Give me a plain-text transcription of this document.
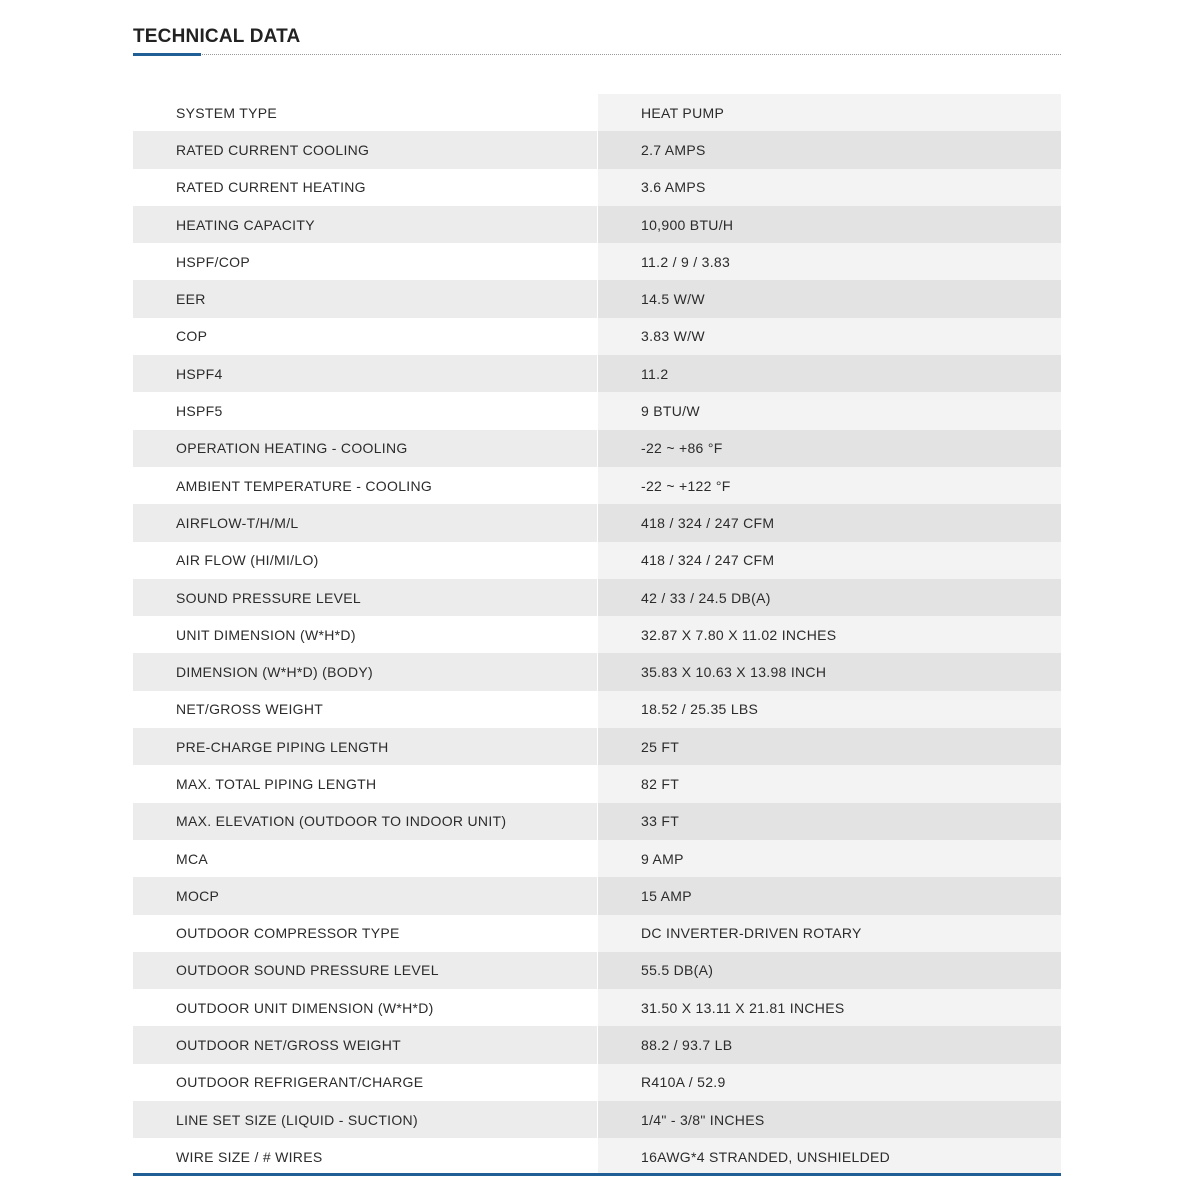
TECHNICAL DATA
SYSTEM TYPE	HEAT PUMP
RATED CURRENT COOLING	2.7 AMPS
RATED CURRENT HEATING	3.6 AMPS
HEATING CAPACITY	10,900 BTU/H
HSPF/COP	11.2 / 9 / 3.83
EER	14.5 W/W
COP	3.83 W/W
HSPF4	11.2
HSPF5	9 BTU/W
OPERATION HEATING - COOLING	-22 ~ +86 °F
AMBIENT TEMPERATURE - COOLING	-22 ~ +122 °F
AIRFLOW-T/H/M/L	418 / 324 / 247 CFM
AIR FLOW (HI/MI/LO)	418 / 324 / 247 CFM
SOUND PRESSURE LEVEL	42 / 33 / 24.5 DB(A)
UNIT DIMENSION (W*H*D)	32.87 X 7.80 X 11.02 INCHES
DIMENSION (W*H*D) (BODY)	35.83 X 10.63 X 13.98 INCH
NET/GROSS WEIGHT	18.52 / 25.35 LBS
PRE-CHARGE PIPING LENGTH	25 FT
MAX. TOTAL PIPING LENGTH	82 FT
MAX. ELEVATION (OUTDOOR TO INDOOR UNIT)	33 FT
MCA	9 AMP
MOCP	15 AMP
OUTDOOR COMPRESSOR TYPE	DC INVERTER-DRIVEN ROTARY
OUTDOOR SOUND PRESSURE LEVEL	55.5 DB(A)
OUTDOOR UNIT DIMENSION (W*H*D)	31.50 X 13.11 X 21.81 INCHES
OUTDOOR NET/GROSS WEIGHT	88.2 / 93.7 LB
OUTDOOR REFRIGERANT/CHARGE	R410A / 52.9
LINE SET SIZE (LIQUID - SUCTION)	1/4" - 3/8" INCHES
WIRE SIZE / # WIRES	16AWG*4 STRANDED, UNSHIELDED
